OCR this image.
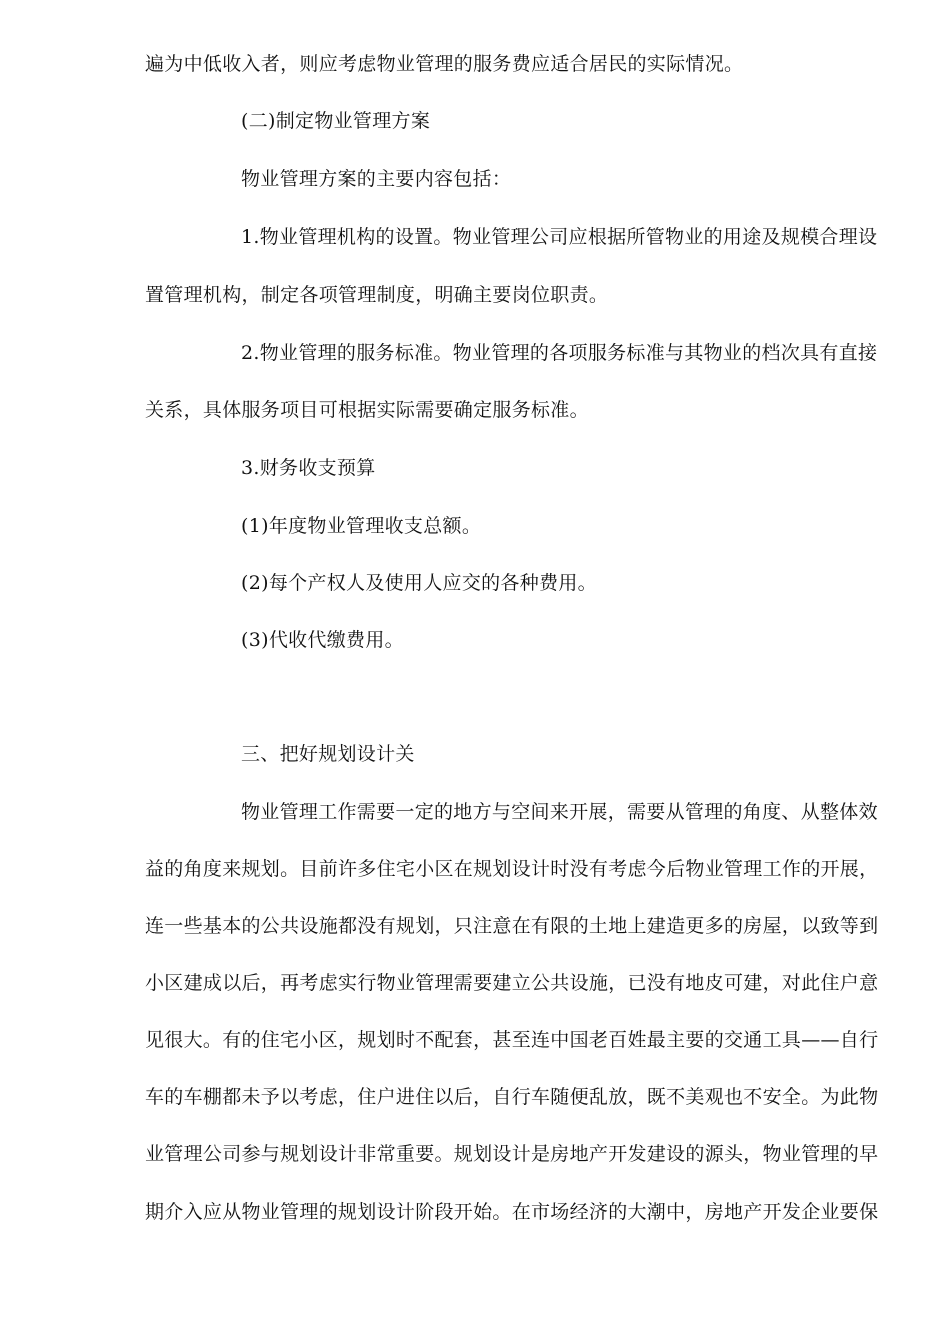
遍为中低收入者，则应考虑物业管理的服务费应适合居民的实际情况。
(二)制定物业管理方案
物业管理方案的主要内容包括：
1.物业管理机构的设置。物业管理公司应根据所管物业的用途及规模合理设
置管理机构，制定各项管理制度，明确主要岗位职责。
2.物业管理的服务标准。物业管理的各项服务标准与其物业的档次具有直接
关系，具体服务项目可根据实际需要确定服务标准。
3.财务收支预算
(1)年度物业管理收支总额。
(2)每个产权人及使用人应交的各种费用。
(3)代收代缴费用。
三、把好规划设计关
物业管理工作需要一定的地方与空间来开展，需要从管理的角度、从整体效
益的角度来规划。目前许多住宅小区在规划设计时没有考虑今后物业管理工作的开展，
连一些基本的公共设施都没有规划，只注意在有限的土地上建造更多的房屋，以致等到
小区建成以后，再考虑实行物业管理需要建立公共设施，已没有地皮可建，对此住户意
见很大。有的住宅小区，规划时不配套，甚至连中国老百姓最主要的交通工具——自行
车的车棚都未予以考虑，住户进住以后，自行车随便乱放，既不美观也不安全。为此物
业管理公司参与规划设计非常重要。规划设计是房地产开发建设的源头，物业管理的早
期介入应从物业管理的规划设计阶段开始。在市场经济的大潮中，房地产开发企业要保
